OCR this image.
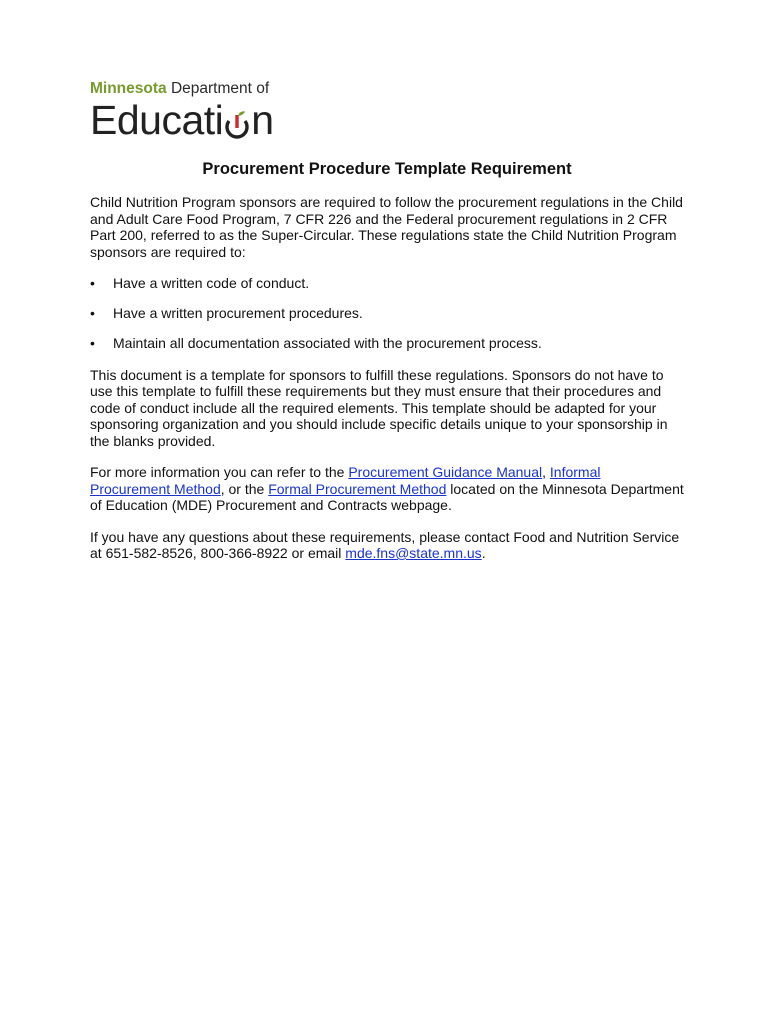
Minnesota Department of
Educati n
Procurement Procedure Template Requirement

Child Nutrition Program sponsors are required to follow the procurement regulations in the Child and Adult Care Food Program, 7 CFR 226 and the Federal procurement regulations in 2 CFR Part 200, referred to as the Super-Circular. These regulations state the Child Nutrition Program sponsors are required to:

• Have a written code of conduct.
• Have a written procurement procedures.
• Maintain all documentation associated with the procurement process.

This document is a template for sponsors to fulfill these regulations. Sponsors do not have to use this template to fulfill these requirements but they must ensure that their procedures and code of conduct include all the required elements. This template should be adapted for your sponsoring organization and you should include specific details unique to your sponsorship in the blanks provided.

For more information you can refer to the Procurement Guidance Manual, Informal Procurement Method, or the Formal Procurement Method located on the Minnesota Department of Education (MDE) Procurement and Contracts webpage.

If you have any questions about these requirements, please contact Food and Nutrition Service at 651-582-8526, 800-366-8922 or email mde.fns@state.mn.us.
